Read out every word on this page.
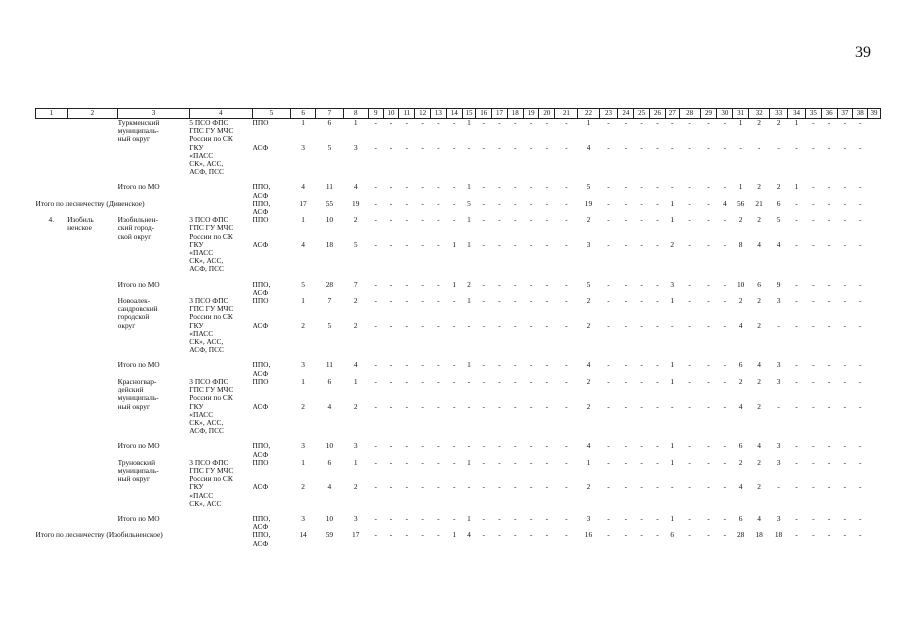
39
1	2	3	4	5	6	7	8	9	10	11	12	13	14	15	16	17	18	19	20	21	22	23	24	25	26	27	28	29	30	31	32	33	34	35	36	37	38	39
		Туркменский	5 ПСО ФПС	ППО	1	6	1	-	-	-	-	-	-	1	-	-	-	-	-	-	1	-	-	-	-	-	-	-	-	1	2	2	1	-	-	-	-	
		муниципаль-	ГПС ГУ МЧС																																			
		ный округ	России по СК																																			
			ГКУ	АСФ	3	5	3	-	-	-	-	-	-	-	-	-	-	-	-	-	4	-	-	-	-	-	-	-	-	-	-	-	-	-	-	-	-	
			«ПАСС																																			
			СК», АСС,																																			
			АСФ, ПСС																																			

		Итого по МО		ППО,	4	11	4	-	-	-	-	-	-	1	-	-	-	-	-	-	5	-	-	-	-	-	-	-	-	1	2	2	1	-	-	-	-	
				АСФ																																		
Итого по лесничеству (Дивенское)				ППО,	17	55	19	-	-	-	-	-	-	5	-	-	-	-	-	-	19	-	-	-	-	1	-	-	4	56	21	6	-	-	-	-	-	
				АСФ																																		
4.	Изобиль	Изобильнен-	3 ПСО ФПС	ППО	1	10	2	-	-	-	-	-	-	1	-	-	-	-	-	-	2	-	-	-	-	1	-	-	-	2	2	5	-	-	-	-	-	
	ненское	ский город-	ГПС ГУ МЧС																																			
		ской округ	России по СК																																			
			ГКУ	АСФ	4	18	5	-	-	-	-	-	1	1	-	-	-	-	-	-	3	-	-	-	-	2	-	-	-	8	4	4	-	-	-	-	-	
			«ПАСС																																			
			СК», АСС,																																			
			АСФ, ПСС																																			

		Итого по МО		ППО,	5	28	7	-	-	-	-	-	1	2	-	-	-	-	-	-	5	-	-	-	-	3	-	-	-	10	6	9	-	-	-	-	-	
				АСФ																																		
		Новоалек-	3 ПСО ФПС	ППО	1	7	2	-	-	-	-	-	-	1	-	-	-	-	-	-	2	-	-	-	-	1	-	-	-	2	2	3	-	-	-	-	-	
		сандровский	ГПС ГУ МЧС																																			
		городской	России по СК																																			
		округ	ГКУ	АСФ	2	5	2	-	-	-	-	-	-	-	-	-	-	-	-	-	2	-	-	-	-	-	-	-	-	4	2	-	-	-	-	-	-	
			«ПАСС																																			
			СК», АСС,																																			
			АСФ, ПСС																																			

		Итого по МО		ППО,	3	11	4	-	-	-	-	-	-	1	-	-	-	-	-	-	4	-	-	-	-	1	-	-	-	6	4	3	-	-	-	-	-	
				АСФ																																		
		Красногвар-	3 ПСО ФПС	ППО	1	6	1	-	-	-	-	-	-	-	-	-	-	-	-	-	2	-	-	-	-	1	-	-	-	2	2	3	-	-	-	-	-	
		дейский	ГПС ГУ МЧС																																			
		муниципаль-	России по СК																																			
		ный округ	ГКУ	АСФ	2	4	2	-	-	-	-	-	-	-	-	-	-	-	-	-	2	-	-	-	-	-	-	-	-	4	2	-	-	-	-	-	-	
			«ПАСС																																			
			СК», АСС,																																			
			АСФ, ПСС																																			

		Итого по МО		ППО,	3	10	3	-	-	-	-	-	-	-	-	-	-	-	-	-	4	-	-	-	-	1	-	-	-	6	4	3	-	-	-	-	-	
				АСФ																																		
		Труновский	3 ПСО ФПС	ППО	1	6	1	-	-	-	-	-	-	1	-	-	-	-	-	-	1	-	-	-	-	1	-	-	-	2	2	3	-	-	-	-	-	
		муниципаль-	ГПС ГУ МЧС																																			
		ный округ	России по СК																																			
			ГКУ	АСФ	2	4	2	-	-	-	-	-	-	-	-	-	-	-	-	-	2	-	-	-	-	-	-	-	-	4	2	-	-	-	-	-	-	
			«ПАСС																																			
			СК», АСС																																			

		Итого по МО		ППО,	3	10	3	-	-	-	-	-	-	1	-	-	-	-	-	-	3	-	-	-	-	1	-	-	-	6	4	3	-	-	-	-	-	
				АСФ																																		
Итого по лесничеству (Изобильненское)				ППО,	14	59	17	-	-	-	-	-	1	4	-	-	-	-	-	-	16	-	-	-	-	6	-	-	-	28	18	18	-	-	-	-	-	
				АСФ																																		
